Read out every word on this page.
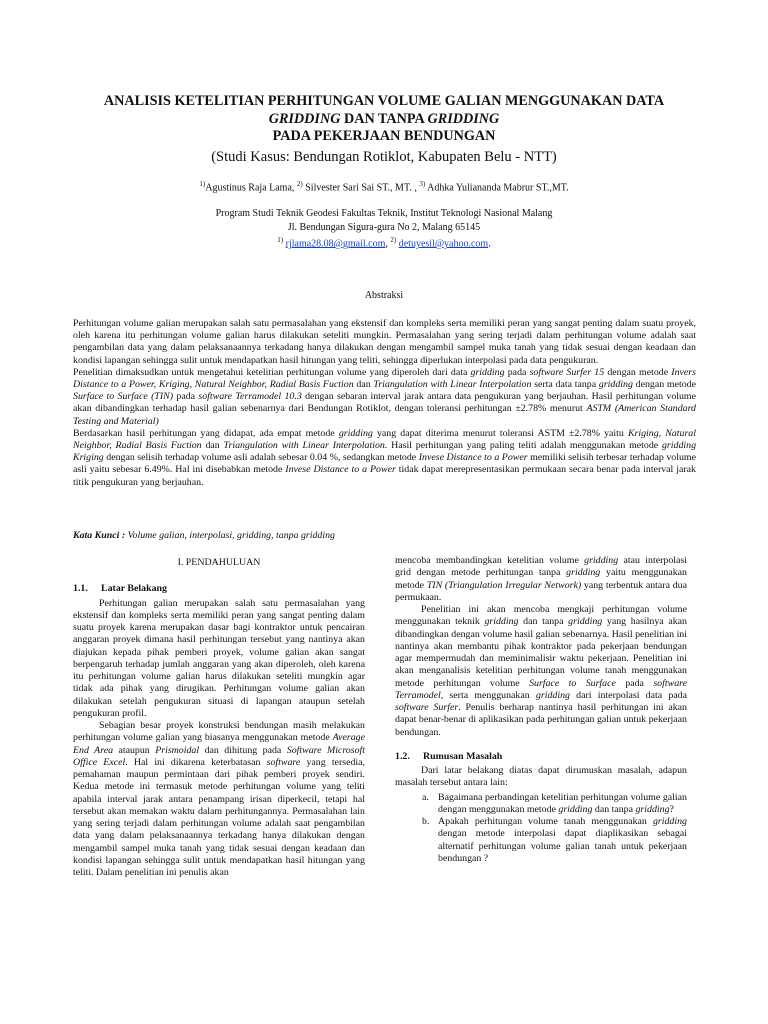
ANALISIS KETELITIAN PERHITUNGAN VOLUME GALIAN MENGGUNAKAN DATA
GRIDDING DAN TANPA GRIDDING
PADA PEKERJAAN BENDUNGAN
(Studi Kasus: Bendungan Rotiklot, Kabupaten Belu - NTT)
$^{1)}$Agustinus Raja Lama, $^{2)}$ Silvester Sari Sai ST., MT. , $^{3)}$ Adhka Yuliananda Mabrur ST.,MT.
Program Studi Teknik Geodesi Fakultas Teknik, Institut Teknologi Nasional Malang
Jl. Bendungan Sigura-gura No 2, Malang 65145
$^{1)}$ rjlama28.08@gmail.com, $^{2)}$ detuyesil@yahoo.com.
Abstraksi

Perhitungan volume galian merupakan salah satu permasalahan yang ekstensif dan kompleks serta memiliki peran yang sangat penting dalam suatu proyek, oleh karena itu perhitungan volume galian harus dilakukan seteliti mungkin. Permasalahan yang sering terjadi dalam perhitungan volume adalah saat pengambilan data yang dalam pelaksanaannya terkadang hanya dilakukan dengan mengambil sampel muka tanah yang tidak sesuai dengan keadaan dan kondisi lapangan sehingga sulit untuk mendapatkan hasil hitungan yang teliti, sehingga diperlukan interpolasi pada data pengukuran.

Penelitian dimaksudkan untuk mengetahui ketelitian perhitungan volume yang diperoleh dari data gridding pada software Surfer 15 dengan metode Invers Distance to a Power, Kriging, Natural Neighbor, Radial Basis Fuction dan Triangulation with Linear Interpolation serta data tanpa gridding dengan metode Surface to Surface (TIN) pada software Terramodel 10.3 dengan sebaran interval jarak antara data pengukuran yang berjauhan. Hasil perhitungan volume akan dibandingkan terhadap hasil galian sebenarnya dari Bendungan Rotiklot, dengan toleransi perhitungan ±2.78% menurut ASTM (American Standard Testing and Material)

Berdasarkan hasil perhitungan yang didapat, ada empat metode gridding yang dapat diterima menurut toleransi ASTM ±2.78% yaitu Kriging, Natural Neighbor, Radial Basis Fuction dan Triangulation with Linear Interpolation. Hasil perhitungan yang paling teliti adalah menggunakan metode gridding Kriging dengan selisih terhadap volume asli adalah sebesar 0.04 %, sedangkan metode Invese Distance to a Power memiliki selisih terbesar terhadap volume asli yaitu sebesar 6.49%. Hal ini disebabkan metode Invese Distance to a Power tidak dapat merepresentasikan permukaan secara benar pada interval jarak titik pengukuran yang berjauhan.

Kata Kunci : Volume galian, interpolasi, gridding, tanpa gridding

I. PENDAHULUAN

1.1. Latar Belakang

Perhitungan galian merupakan salah satu permasalahan yang ekstensif dan kompleks serta memiliki peran yang sangat penting dalam suatu proyek karena merupakan dasar bagi kontraktor untuk pencairan anggaran proyek dimana hasil perhitungan tersebut yang nantinya akan diajukan kepada pihak pemberi proyek, volume galian akan sangat berpengaruh terhadap jumlah anggaran yang akan diperoleh, oleh karena itu perhitungan volume galian harus dilakukan seteliti mungkin agar tidak ada pihak yang dirugikan. Perhitungan volume galian akan dilakukan setelah pengukuran situasi di lapangan ataupun setelah pengukuran profil.

Sebagian besar proyek konstruksi bendungan masih melakukan perhitungan volume galian yang biasanya menggunakan metode Average End Area ataupun Prismoidal dan dihitung pada Software Microsoft Office Excel. Hal ini dikarena keterbatasan software yang tersedia, pemahaman maupun permintaan dari pihak pemberi proyek sendiri. Kedua metode ini termasuk metode perhitungan volume yang teliti apabila interval jarak antara penampang irisan diperkecil, tetapi hal tersebut akan memakan waktu dalam perhitungannya. Permasalahan lain yang sering terjadi dalam perhitungan volume adalah saat pengambilan data yang dalam pelaksanaannya terkadang hanya dilakukan dengan mengambil sampel muka tanah yang tidak sesuai dengan keadaan dan kondisi lapangan sehingga sulit untuk mendapatkan hasil hitungan yang teliti. Dalam penelitian ini penulis akan

mencoba membandingkan ketelitian volume gridding atau interpolasi grid dengan metode perhitungan tanpa gridding yaitu menggunakan metode TIN (Triangulation Irregular Network) yang terbentuk antara dua permukaan.

Penelitian ini akan mencoba mengkaji perhitungan volume menggunakan teknik gridding dan tanpa gridding yang hasilnya akan dibandingkan dengan volume hasil galian sebenarnya. Hasil penelitian ini nantinya akan membantu pihak kontraktor pada pekerjaan bendungan agar mempermudah dan meminimalisir waktu pekerjaan. Penelitian ini akan menganalisis ketelitian perhitungan volume tanah menggunakan metode perhitungan volume Surface to Surface pada software Terramodel, serta menggunakan gridding dari interpolasi data pada software Surfer. Penulis berharap nantinya hasil perhitungan ini akan dapat benar-benar di aplikasikan pada perhitungan galian untuk pekerjaan bendungan.

1.2. Rumusan Masalah

Dari latar belakang diatas dapat dirumuskan masalah, adapun masalah tersebut antara lain:

a. Bagaimana perbandingan ketelitian perhitungan volume galian dengan menggunakan metode gridding dan tanpa gridding?
b. Apakah perhitungan volume tanah menggunakan gridding dengan metode interpolasi dapat diaplikasikan sebagai alternatif perhitungan volume galian tanah untuk pekerjaan bendungan ?
